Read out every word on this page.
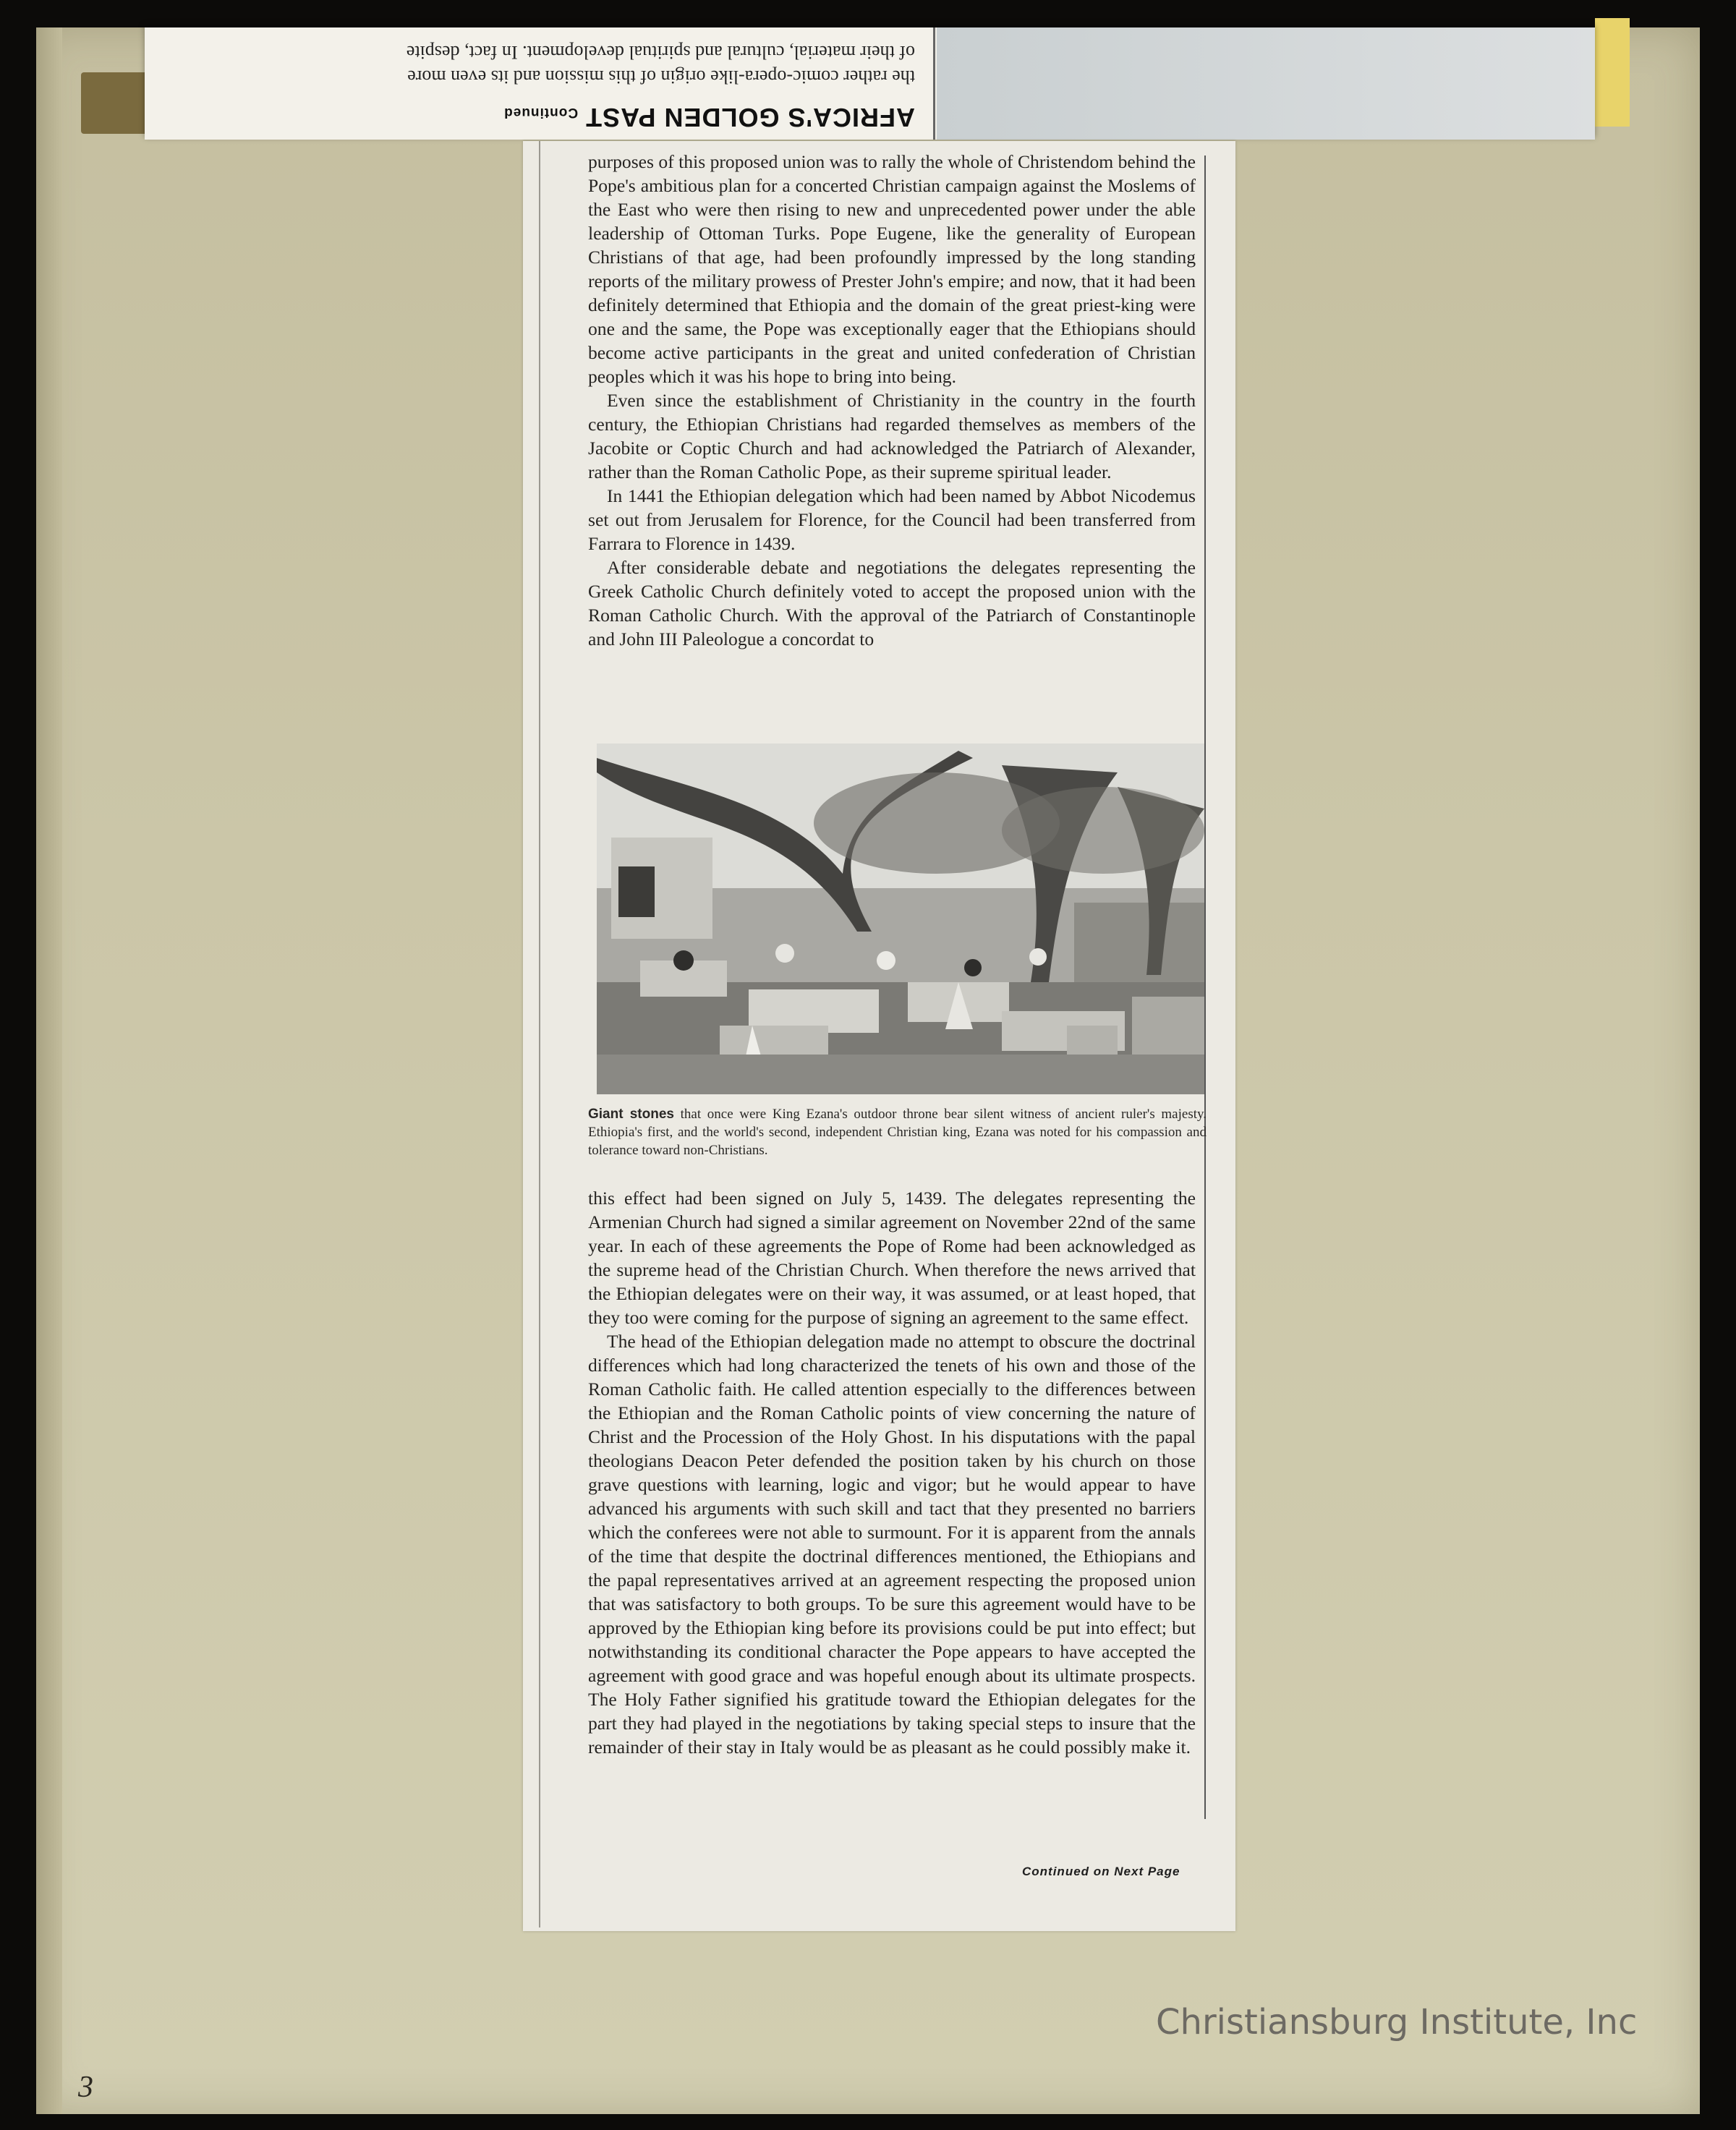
AFRICA'S GOLDEN PASTContinued
the rather comic-opera-like origin of this mission and its even more
of their material, cultural and spiritual development. In fact, despite

purposes of this proposed union was to rally the whole of Christendom behind the Pope's ambitious plan for a concerted Christian campaign against the Moslems of the East who were then rising to new and unprecedented power under the able leadership of Ottoman Turks. Pope Eugene, like the generality of European Christians of that age, had been profoundly impressed by the long standing reports of the military prowess of Prester John's empire; and now, that it had been definitely determined that Ethiopia and the domain of the great priest-king were one and the same, the Pope was exceptionally eager that the Ethiopians should become active participants in the great and united confederation of Christian peoples which it was his hope to bring into being.

Even since the establishment of Christianity in the country in the fourth century, the Ethiopian Christians had regarded themselves as members of the Jacobite or Coptic Church and had acknowledged the Patriarch of Alexander, rather than the Roman Catholic Pope, as their supreme spiritual leader.

In 1441 the Ethiopian delegation which had been named by Abbot Nicodemus set out from Jerusalem for Florence, for the Council had been transferred from Farrara to Florence in 1439.

After considerable debate and negotiations the delegates representing the Greek Catholic Church definitely voted to accept the proposed union with the Roman Catholic Church. With the approval of the Patriarch of Constantinople and John III Paleologue a concordat to

Giant stones that once were King Ezana's outdoor throne bear silent witness of ancient ruler's majesty. Ethiopia's first, and the world's second, independent Christian king, Ezana was noted for his compassion and tolerance toward non-Christians.

this effect had been signed on July 5, 1439. The delegates representing the Armenian Church had signed a similar agreement on November 22nd of the same year. In each of these agreements the Pope of Rome had been acknowledged as the supreme head of the Christian Church. When therefore the news arrived that the Ethiopian delegates were on their way, it was assumed, or at least hoped, that they too were coming for the purpose of signing an agreement to the same effect.

The head of the Ethiopian delegation made no attempt to obscure the doctrinal differences which had long characterized the tenets of his own and those of the Roman Catholic faith. He called attention especially to the differences between the Ethiopian and the Roman Catholic points of view concerning the nature of Christ and the Procession of the Holy Ghost. In his disputations with the papal theologians Deacon Peter defended the position taken by his church on those grave questions with learning, logic and vigor; but he would appear to have advanced his arguments with such skill and tact that they presented no barriers which the conferees were not able to surmount. For it is apparent from the annals of the time that despite the doctrinal differences mentioned, the Ethiopians and the papal representatives arrived at an agreement respecting the proposed union that was satisfactory to both groups. To be sure this agreement would have to be approved by the Ethiopian king before its provisions could be put into effect; but notwithstanding its conditional character the Pope appears to have accepted the agreement with good grace and was hopeful enough about its ultimate prospects. The Holy Father signified his gratitude toward the Ethiopian delegates for the part they had played in the negotiations by taking special steps to insure that the remainder of their stay in Italy would be as pleasant as he could possibly make it.

Continued on Next Page
3
Christiansburg Institute, Inc
